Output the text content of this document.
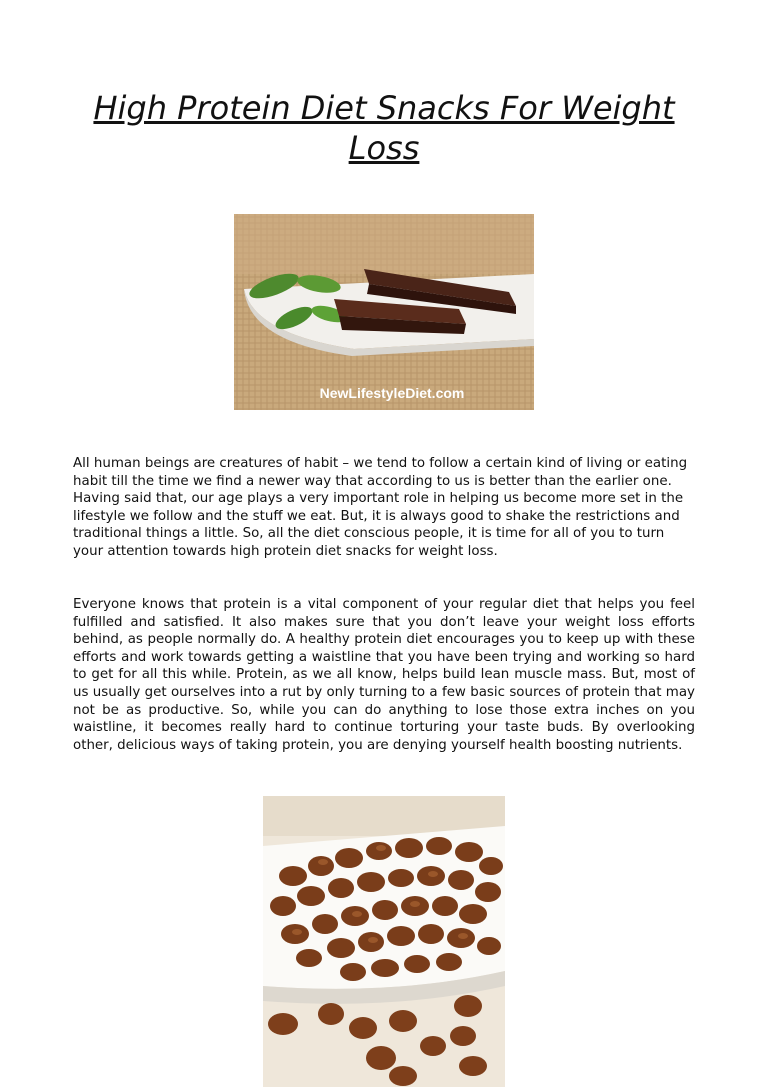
High Protein Diet Snacks For Weight Loss
NewLifestyleDiet.com

All human beings are creatures of habit – we tend to follow a certain kind of living or eating habit till the time we find a newer way that according to us is better than the earlier one. Having said that, our age plays a very important role in helping us become more set in the lifestyle we follow and the stuff we eat. But, it is always good to shake the restrictions and traditional things a little. So, all the diet conscious people, it is time for all of you to turn your attention towards high protein diet snacks for weight loss.

Everyone knows that protein is a vital component of your regular diet that helps you feel fulfilled and satisfied. It also makes sure that you don’t leave your weight loss efforts behind, as people normally do. A healthy protein diet encourages you to keep up with these efforts and work towards getting a waistline that you have been trying and working so hard to get for all this while. Protein, as we all know, helps build lean muscle mass. But, most of us usually get ourselves into a rut by only turning to a few basic sources of protein that may not be as productive. So, while you can do anything to lose those extra inches on you waistline, it becomes really hard to continue torturing your taste buds. By overlooking other, delicious ways of taking protein, you are denying yourself health boosting nutrients.
